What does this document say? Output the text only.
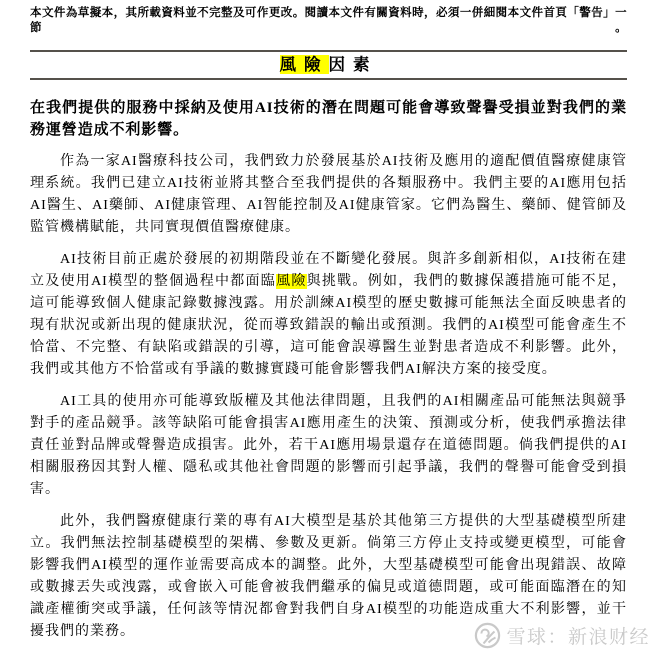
本文件為草擬本，其所載資料並不完整及可作更改。閱讀本文件有關資料時，必須一併細閱本文件首頁「警告」一節。
風險因素
在我們提供的服務中採納及使用AI技術的潛在問題可能會導致聲譽受損並對我們的業務運營造成不利影響。

作為一家AI醫療科技公司，我們致力於發展基於AI技術及應用的適配價值醫療健康管理系統。我們已建立AI技術並將其整合至我們提供的各類服務中。我們主要的AI應用包括AI醫生、AI藥師、AI健康管理、AI智能控制及AI健康管家。它們為醫生、藥師、健管師及監管機構賦能，共同實現價值醫療健康。

AI技術目前正處於發展的初期階段並在不斷變化發展。與許多創新相似，AI技術在建立及使用AI模型的整個過程中都面臨風險與挑戰。例如，我們的數據保護措施可能不足，這可能導致個人健康記錄數據洩露。用於訓練AI模型的歷史數據可能無法全面反映患者的現有狀況或新出現的健康狀況，從而導致錯誤的輸出或預測。我們的AI模型可能會產生不恰當、不完整、有缺陷或錯誤的引導，這可能會誤導醫生並對患者造成不利影響。此外，我們或其他方不恰當或有爭議的數據實踐可能會影響我們AI解決方案的接受度。

AI工具的使用亦可能導致版權及其他法律問題，且我們的AI相關產品可能無法與競爭對手的產品競爭。該等缺陷可能會損害AI應用產生的決策、預測或分析，使我們承擔法律責任並對品牌或聲譽造成損害。此外，若干AI應用場景還存在道德問題。倘我們提供的AI相關服務因其對人權、隱私或其他社會問題的影響而引起爭議，我們的聲譽可能會受到損害。

此外，我們醫療健康行業的專有AI大模型是基於其他第三方提供的大型基礎模型所建立。我們無法控制基礎模型的架構、參數及更新。倘第三方停止支持或變更模型，可能會影響我們AI模型的運作並需要高成本的調整。此外，大型基礎模型可能會出現錯誤、故障或數據丟失或洩露，或會嵌入可能會被我們繼承的偏見或道德問題，或可能面臨潛在的知識產權衝突或爭議，任何該等情況都會對我們自身AI模型的功能造成重大不利影響，並干擾我們的業務。	雪球：新浪财经
